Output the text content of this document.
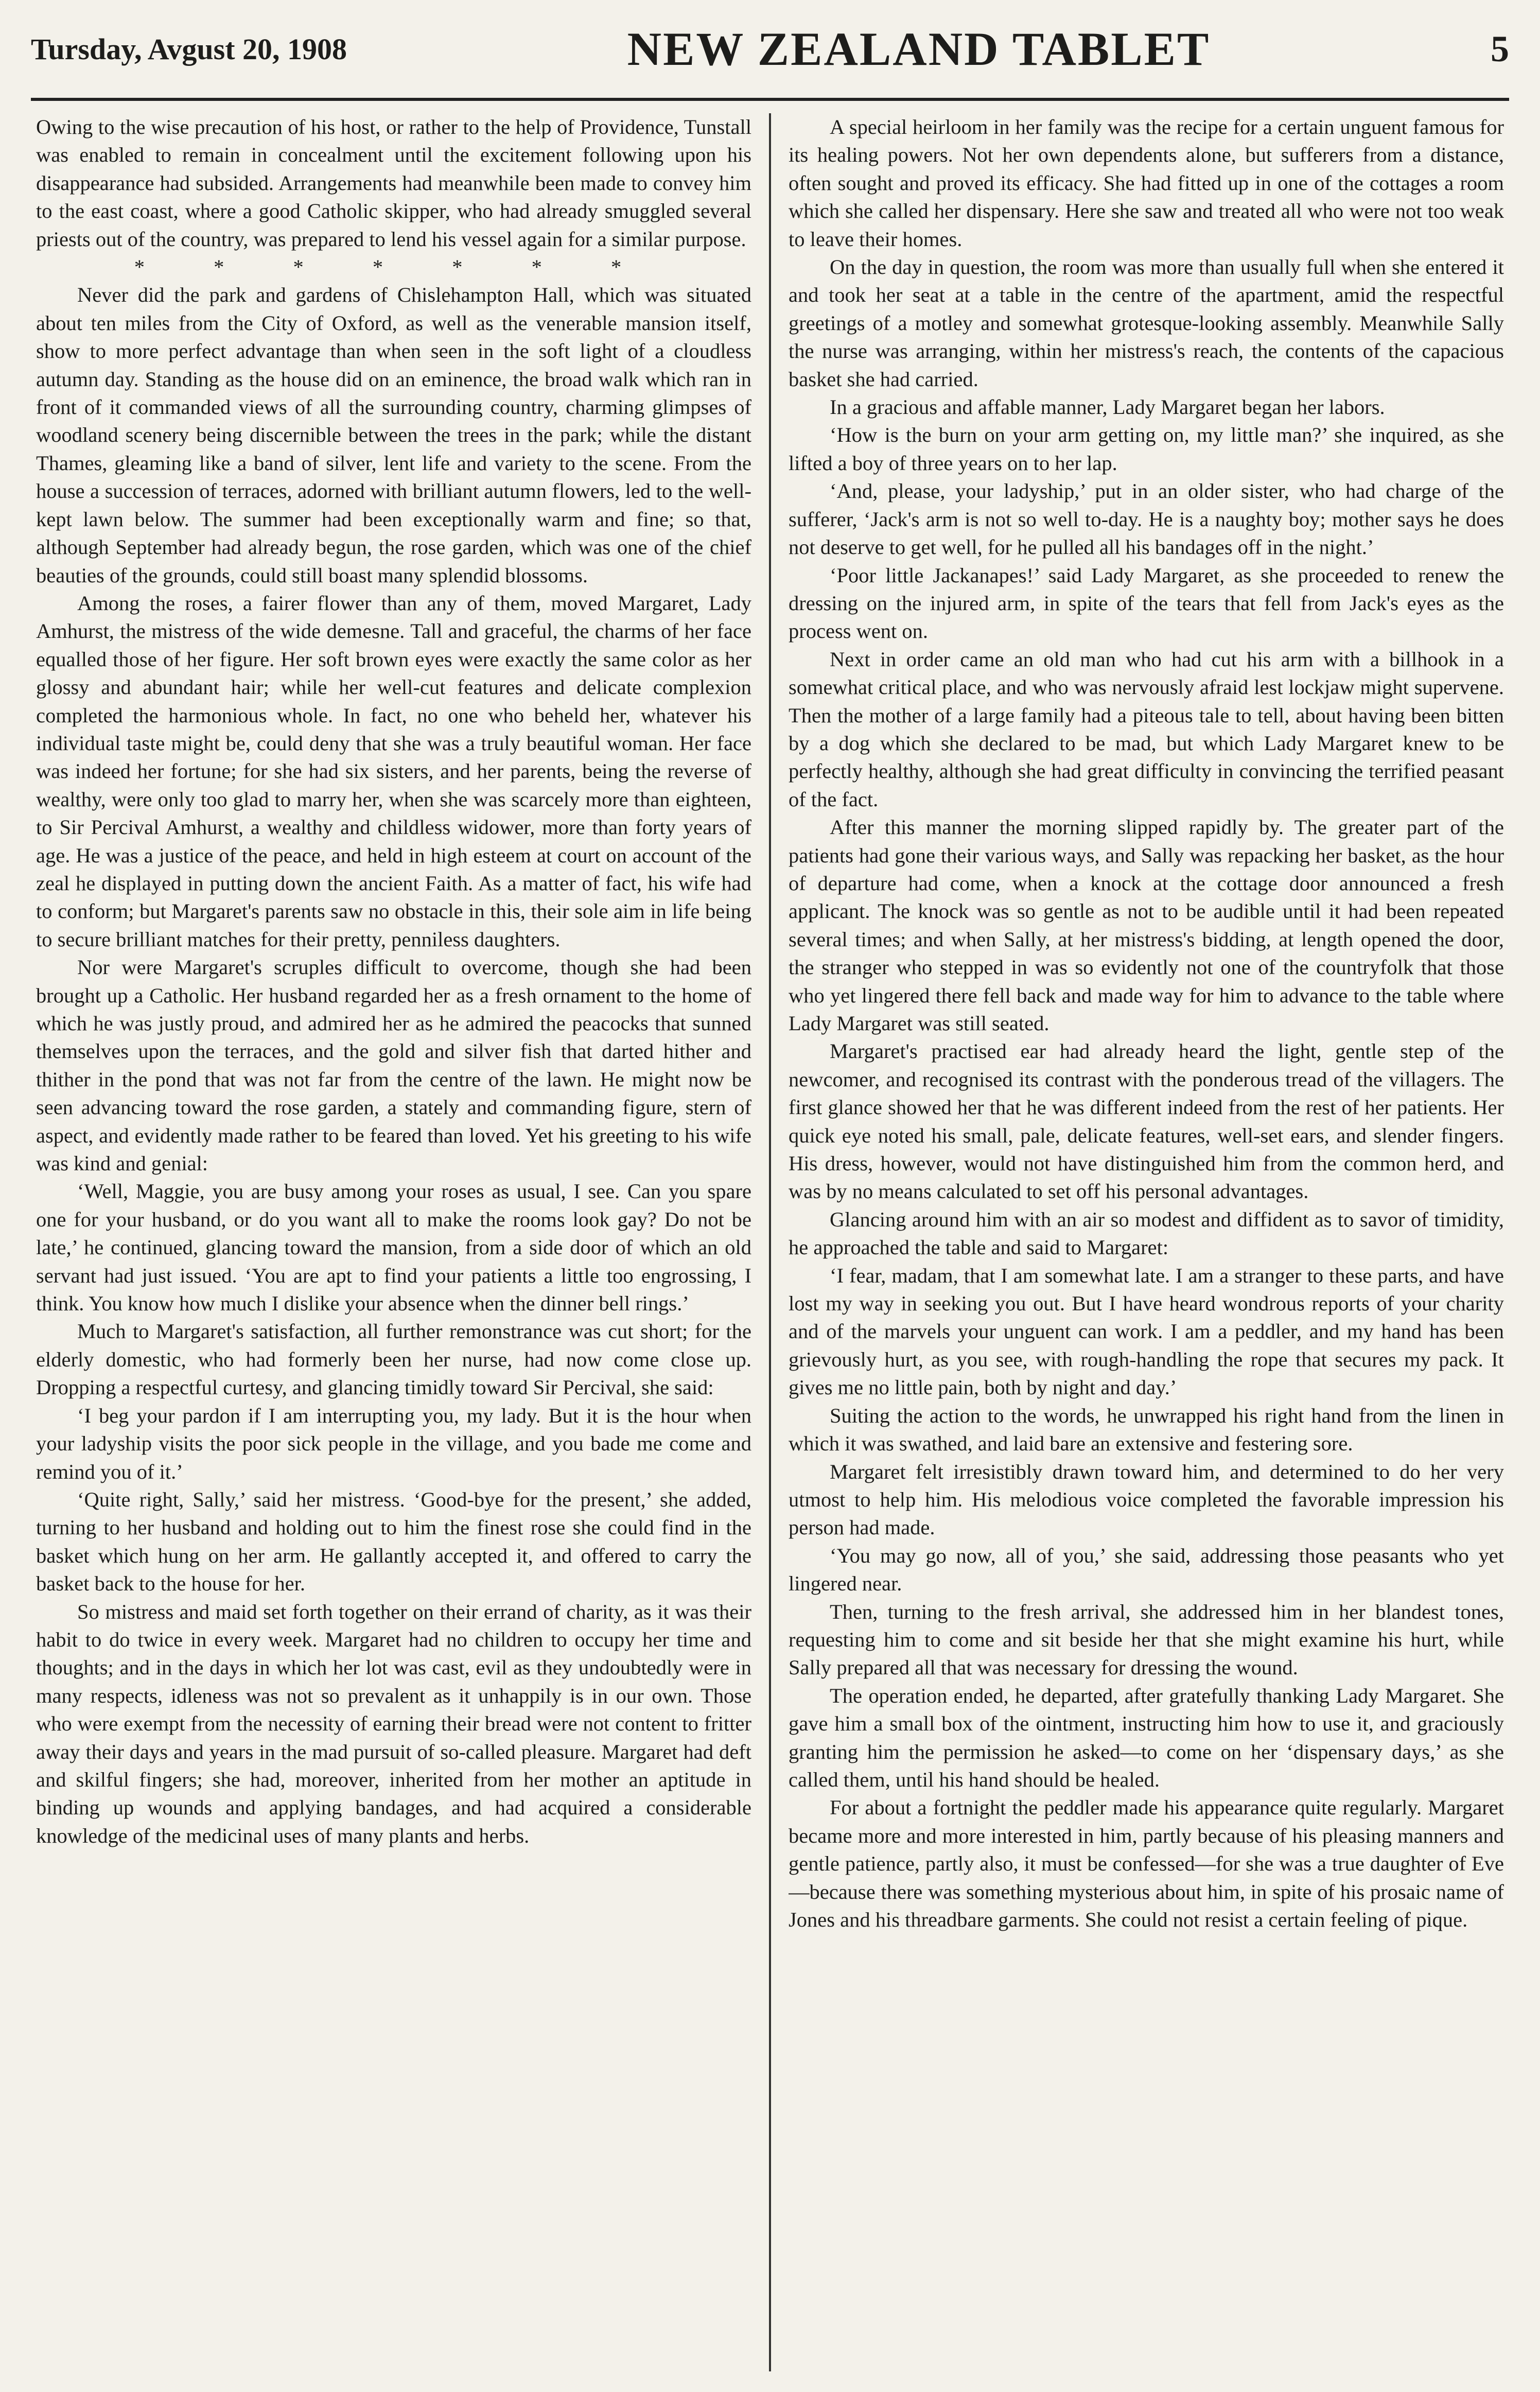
Tursday, Avgust 20, 1908	NEW ZEALAND TABLET	5

Owing to the wise precaution of his host, or rather to the help of Providence, Tunstall was enabled to remain in concealment until the excitement following upon his disappearance had subsided. Arrangements had meanwhile been made to convey him to the east coast, where a good Catholic skipper, who had already smuggled several priests out of the country, was prepared to lend his vessel again for a similar purpose.

* * * * * * *

Never did the park and gardens of Chislehampton Hall, which was situated about ten miles from the City of Oxford, as well as the venerable mansion itself, show to more perfect advantage than when seen in the soft light of a cloudless autumn day. Standing as the house did on an eminence, the broad walk which ran in front of it commanded views of all the surrounding country, charming glimpses of woodland scenery being discernible between the trees in the park; while the distant Thames, gleaming like a band of silver, lent life and variety to the scene. From the house a succession of terraces, adorned with brilliant autumn flowers, led to the well-kept lawn below. The summer had been exceptionally warm and fine; so that, although September had already begun, the rose garden, which was one of the chief beauties of the grounds, could still boast many splendid blossoms.

Among the roses, a fairer flower than any of them, moved Margaret, Lady Amhurst, the mistress of the wide demesne. Tall and graceful, the charms of her face equalled those of her figure. Her soft brown eyes were exactly the same color as her glossy and abundant hair; while her well-cut features and delicate complexion completed the harmonious whole. In fact, no one who beheld her, whatever his individual taste might be, could deny that she was a truly beautiful woman. Her face was indeed her fortune; for she had six sisters, and her parents, being the reverse of wealthy, were only too glad to marry her, when she was scarcely more than eighteen, to Sir Percival Amhurst, a wealthy and childless widower, more than forty years of age. He was a justice of the peace, and held in high esteem at court on account of the zeal he displayed in putting down the ancient Faith. As a matter of fact, his wife had to conform; but Margaret's parents saw no obstacle in this, their sole aim in life being to secure brilliant matches for their pretty, penniless daughters.

Nor were Margaret's scruples difficult to overcome, though she had been brought up a Catholic. Her husband regarded her as a fresh ornament to the home of which he was justly proud, and admired her as he admired the peacocks that sunned themselves upon the terraces, and the gold and silver fish that darted hither and thither in the pond that was not far from the centre of the lawn. He might now be seen advancing toward the rose garden, a stately and commanding figure, stern of aspect, and evidently made rather to be feared than loved. Yet his greeting to his wife was kind and genial:

‘Well, Maggie, you are busy among your roses as usual, I see. Can you spare one for your husband, or do you want all to make the rooms look gay? Do not be late,’ he continued, glancing toward the mansion, from a side door of which an old servant had just issued. ‘You are apt to find your patients a little too engrossing, I think. You know how much I dislike your absence when the dinner bell rings.’

Much to Margaret's satisfaction, all further remonstrance was cut short; for the elderly domestic, who had formerly been her nurse, had now come close up. Dropping a respectful curtesy, and glancing timidly toward Sir Percival, she said:

‘I beg your pardon if I am interrupting you, my lady. But it is the hour when your ladyship visits the poor sick people in the village, and you bade me come and remind you of it.’

‘Quite right, Sally,’ said her mistress. ‘Good-bye for the present,’ she added, turning to her husband and holding out to him the finest rose she could find in the basket which hung on her arm. He gallantly accepted it, and offered to carry the basket back to the house for her.

So mistress and maid set forth together on their errand of charity, as it was their habit to do twice in every week. Margaret had no children to occupy her time and thoughts; and in the days in which her lot was cast, evil as they undoubtedly were in many respects, idleness was not so prevalent as it unhappily is in our own. Those who were exempt from the necessity of earning their bread were not content to fritter away their days and years in the mad pursuit of so-called pleasure. Margaret had deft and skilful fingers; she had, moreover, inherited from her mother an aptitude in binding up wounds and applying bandages, and had acquired a considerable knowledge of the medicinal uses of many plants and herbs.

A special heirloom in her family was the recipe for a certain unguent famous for its healing powers. Not her own dependents alone, but sufferers from a distance, often sought and proved its efficacy. She had fitted up in one of the cottages a room which she called her dispensary. Here she saw and treated all who were not too weak to leave their homes.

On the day in question, the room was more than usually full when she entered it and took her seat at a table in the centre of the apartment, amid the respectful greetings of a motley and somewhat grotesque-looking assembly. Meanwhile Sally the nurse was arranging, within her mistress's reach, the contents of the capacious basket she had carried.

In a gracious and affable manner, Lady Margaret began her labors.

‘How is the burn on your arm getting on, my little man?’ she inquired, as she lifted a boy of three years on to her lap.

‘And, please, your ladyship,’ put in an older sister, who had charge of the sufferer, ‘Jack's arm is not so well to-day. He is a naughty boy; mother says he does not deserve to get well, for he pulled all his bandages off in the night.’

‘Poor little Jackanapes!’ said Lady Margaret, as she proceeded to renew the dressing on the injured arm, in spite of the tears that fell from Jack's eyes as the process went on.

Next in order came an old man who had cut his arm with a billhook in a somewhat critical place, and who was nervously afraid lest lockjaw might supervene. Then the mother of a large family had a piteous tale to tell, about having been bitten by a dog which she declared to be mad, but which Lady Margaret knew to be perfectly healthy, although she had great difficulty in convincing the terrified peasant of the fact.

After this manner the morning slipped rapidly by. The greater part of the patients had gone their various ways, and Sally was repacking her basket, as the hour of departure had come, when a knock at the cottage door announced a fresh applicant. The knock was so gentle as not to be audible until it had been repeated several times; and when Sally, at her mistress's bidding, at length opened the door, the stranger who stepped in was so evidently not one of the countryfolk that those who yet lingered there fell back and made way for him to advance to the table where Lady Margaret was still seated.

Margaret's practised ear had already heard the light, gentle step of the newcomer, and recognised its contrast with the ponderous tread of the villagers. The first glance showed her that he was different indeed from the rest of her patients. Her quick eye noted his small, pale, delicate features, well-set ears, and slender fingers. His dress, however, would not have distinguished him from the common herd, and was by no means calculated to set off his personal advantages.

Glancing around him with an air so modest and diffident as to savor of timidity, he approached the table and said to Margaret:

‘I fear, madam, that I am somewhat late. I am a stranger to these parts, and have lost my way in seeking you out. But I have heard wondrous reports of your charity and of the marvels your unguent can work. I am a peddler, and my hand has been grievously hurt, as you see, with rough-handling the rope that secures my pack. It gives me no little pain, both by night and day.’

Suiting the action to the words, he unwrapped his right hand from the linen in which it was swathed, and laid bare an extensive and festering sore.

Margaret felt irresistibly drawn toward him, and determined to do her very utmost to help him. His melodious voice completed the favorable impression his person had made.

‘You may go now, all of you,’ she said, addressing those peasants who yet lingered near.

Then, turning to the fresh arrival, she addressed him in her blandest tones, requesting him to come and sit beside her that she might examine his hurt, while Sally prepared all that was necessary for dressing the wound.

The operation ended, he departed, after gratefully thanking Lady Margaret. She gave him a small box of the ointment, instructing him how to use it, and graciously granting him the permission he asked—to come on her ‘dispensary days,’ as she called them, until his hand should be healed.

For about a fortnight the peddler made his appearance quite regularly. Margaret became more and more interested in him, partly because of his pleasing manners and gentle patience, partly also, it must be confessed—for she was a true daughter of Eve—because there was something mysterious about him, in spite of his prosaic name of Jones and his threadbare garments. She could not resist a certain feeling of pique.
